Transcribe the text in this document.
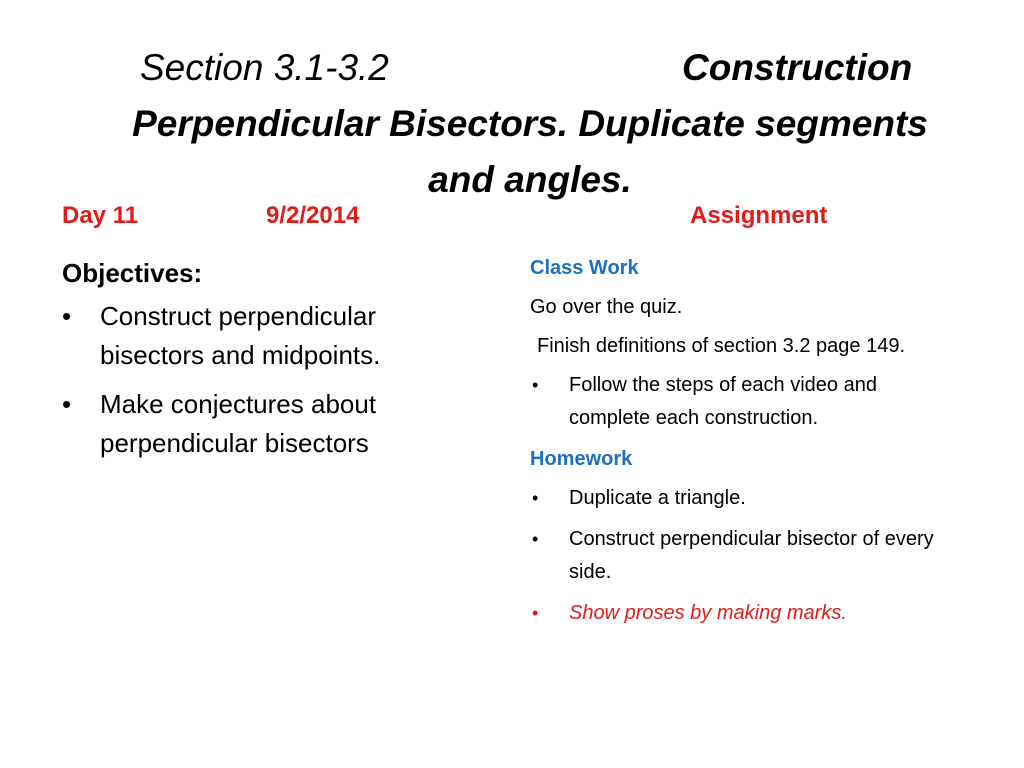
Section 3.1-3.2	Construction
Perpendicular Bisectors. Duplicate segments
and angles.
Day 11	9/2/2014	Assignment
Objectives:
• Construct perpendicular bisectors and midpoints.
• Make conjectures about perpendicular bisectors
Class Work
Go over the quiz.
Finish definitions of section 3.2 page 149.
• Follow the steps of each video and   complete each construction.
Homework
• Duplicate a triangle.
• Construct perpendicular bisector of every side.
• Show proses by making marks.
